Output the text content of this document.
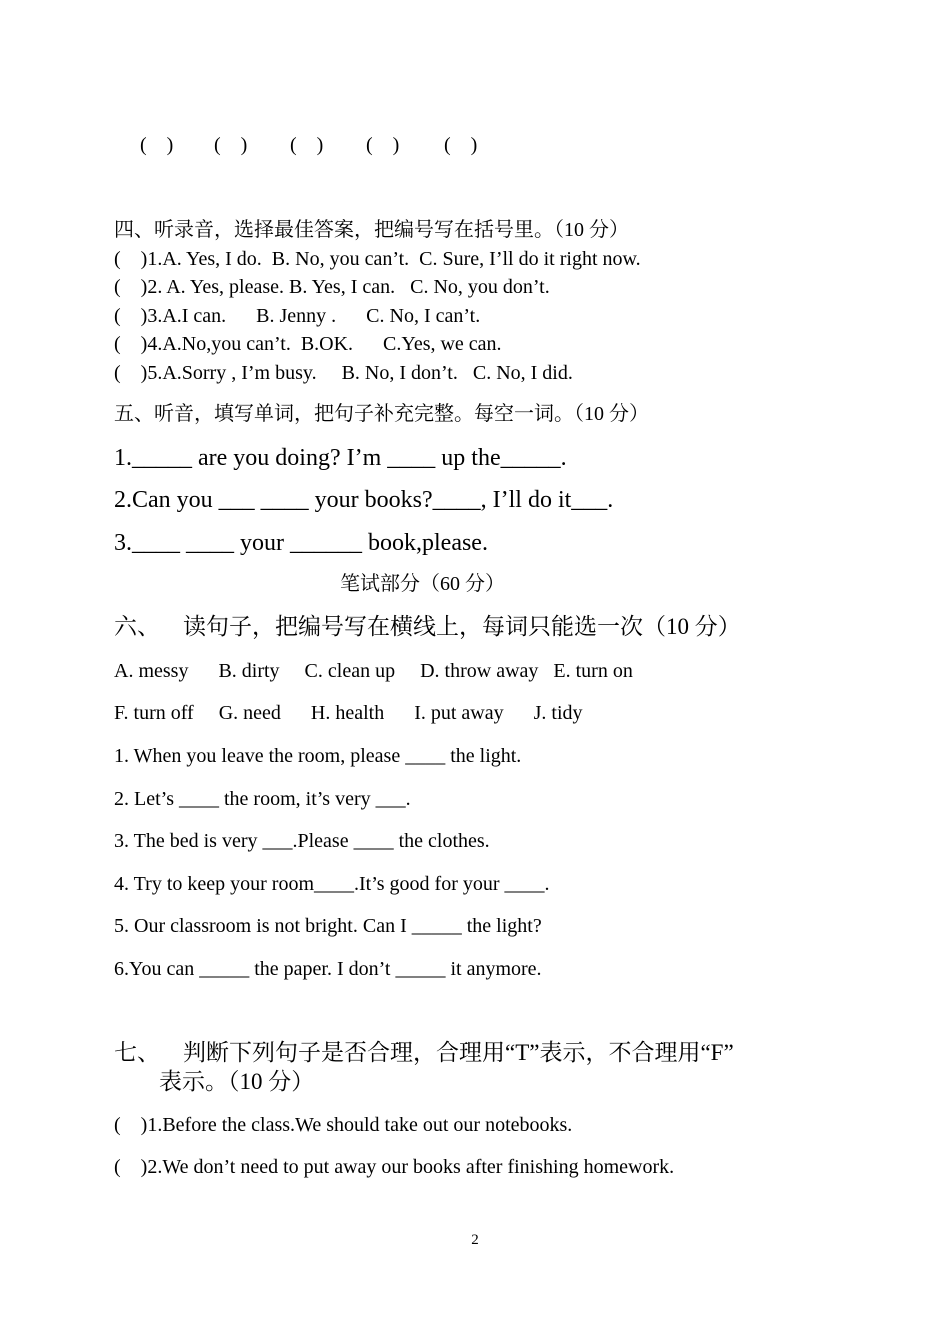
(    ) (    ) (    ) (    ) (    )
四、听录音，选择最佳答案，把编号写在括号里。（10 分）
(    )1.A. Yes, I do.  B. No, you can’t.  C. Sure, I’ll do it right now.
(    )2. A. Yes, please. B. Yes, I can.   C. No, you don’t.
(    )3.A.I can.      B. Jenny .      C. No, I can’t.
(    )4.A.No,you can’t.  B.OK.      C.Yes, we can.
(    )5.A.Sorry , I’m busy.     B. No, I don’t.   C. No, I did.
五、听音，填写单词，把句子补充完整。每空一词。（10 分）
1._____ are you doing? I’m ____ up the_____.
2.Can you ___ ____ your books?____, I’ll do it___.
3.____ ____ your ______ book,please.
笔试部分（60 分）
六、    读句子，把编号写在横线上，每词只能选一次（10 分）
A. messy      B. dirty     C. clean up     D. throw away   E. turn on
F. turn off     G. need      H. health      I. put away      J. tidy
1. When you leave the room, please ____ the light.
2. Let’s ____ the room, it’s very ___.
3. The bed is very ___.Please ____ the clothes.
4. Try to keep your room____.It’s good for your ____.
5. Our classroom is not bright. Can I _____ the light?
6.You can _____ the paper. I don’t _____ it anymore.
七、    判断下列句子是否合理，合理用“T”表示，不合理用“F”
表示。（10 分）
(    )1.Before the class.We should take out our notebooks.
(    )2.We don’t need to put away our books after finishing homework.
2
